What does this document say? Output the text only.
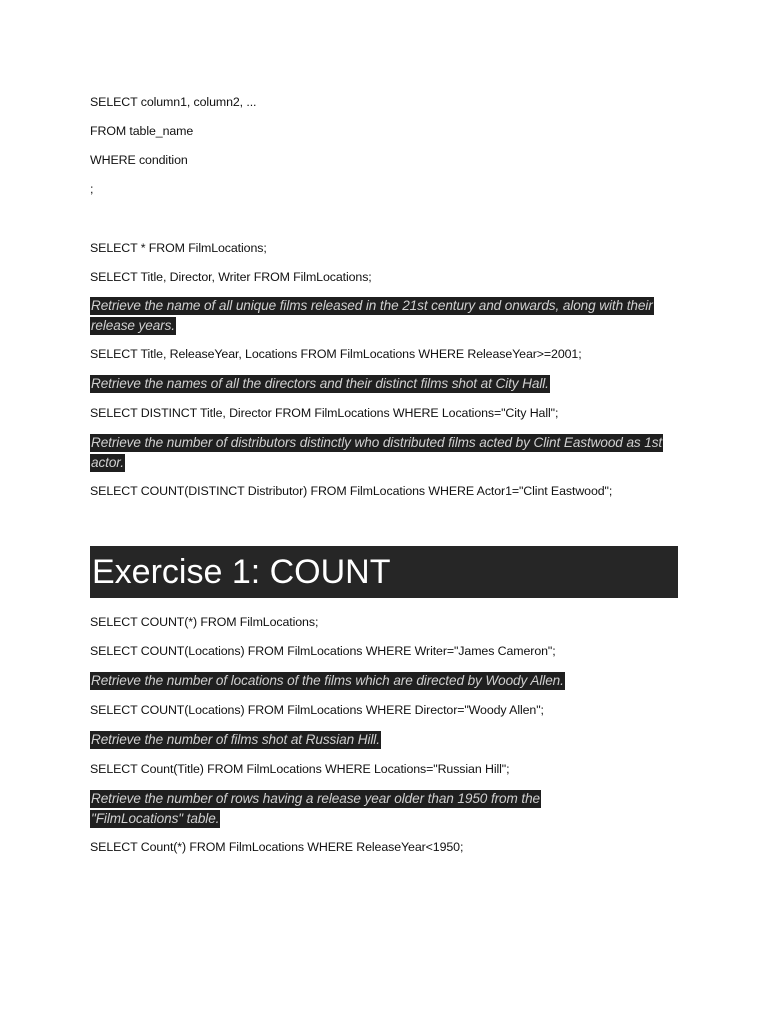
SELECT column1, column2, ...
FROM table_name
WHERE condition
;
SELECT * FROM FilmLocations;
SELECT Title, Director, Writer FROM FilmLocations;
Retrieve the name of all unique films released in the 21st century and onwards, along with their release years.
SELECT Title, ReleaseYear, Locations FROM FilmLocations WHERE ReleaseYear>=2001;
Retrieve the names of all the directors and their distinct films shot at City Hall.
SELECT DISTINCT Title, Director FROM FilmLocations WHERE Locations="City Hall";
Retrieve the number of distributors distinctly who distributed films acted by Clint Eastwood as 1st actor.
SELECT COUNT(DISTINCT Distributor) FROM FilmLocations WHERE Actor1="Clint Eastwood";
Exercise 1: COUNT
SELECT COUNT(*) FROM FilmLocations;
SELECT COUNT(Locations) FROM FilmLocations WHERE Writer="James Cameron";
Retrieve the number of locations of the films which are directed by Woody Allen.
SELECT COUNT(Locations) FROM FilmLocations WHERE Director="Woody Allen";
Retrieve the number of films shot at Russian Hill.
SELECT Count(Title) FROM FilmLocations WHERE Locations="Russian Hill";
Retrieve the number of rows having a release year older than 1950 from the "FilmLocations" table.
SELECT Count(*) FROM FilmLocations WHERE ReleaseYear<1950;
